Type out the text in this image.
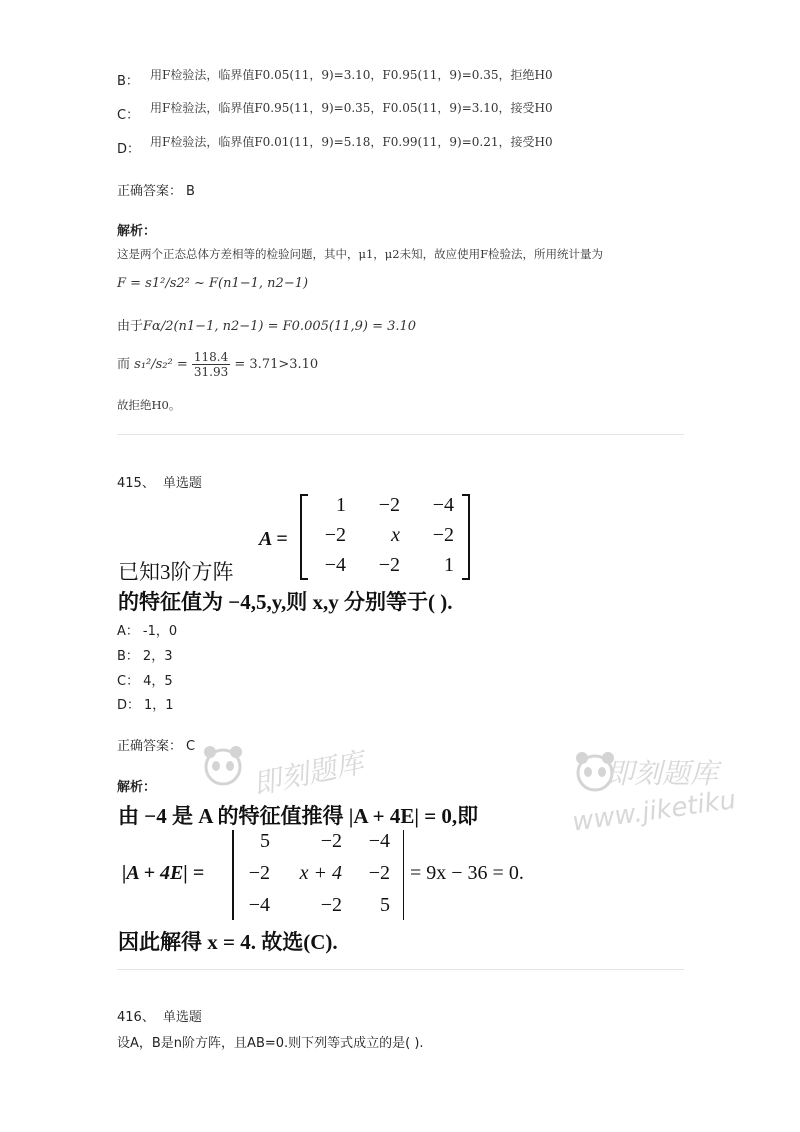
B： 用F检验法，临界值F0.05(11，9)=3.10，F0.95(11，9)=0.35，拒绝H0
C： 用F检验法，临界值F0.95(11，9)=0.35，F0.05(11，9)=3.10，接受H0
D： 用F检验法，临界值F0.01(11，9)=5.18，F0.99(11，9)=0.21，接受H0
正确答案： B
解析：
这是两个正态总体方差相等的检验问题，其中，μ1，μ2未知，故应使用F检验法，所用统计量为
F = s1²/s2² ~ F(n1−1, n2−1)
由于Fα/2(n1−1, n2−1) = F0.005(11,9) = 3.10
而 $s_1^2/s_2^2 = \frac{118.4}{31.93} = 3.71>3.10$
故拒绝H0。
415、 单选题
A =
1	−2	−4
−2	x	−2
−4	−2	1
已知3阶方阵
的特征值为 −4,5,y,则 x,y 分别等于( ).
A： -1，0
B： 2，3
C： 4，5
D： 1，1
正确答案： C 即刻题库	即刻题库
www.jiketiku
解析：
由 −4 是 A 的特征值推得 |A + 4E| = 0,即
|A + 4E| =
5	−2	−4
−2	x + 4	−2
−4	−2	5
= 9x − 36 = 0.
因此解得 x = 4. 故选(C).
416、 单选题
设A，B是n阶方阵，且AB=0.则下列等式成立的是( ).
